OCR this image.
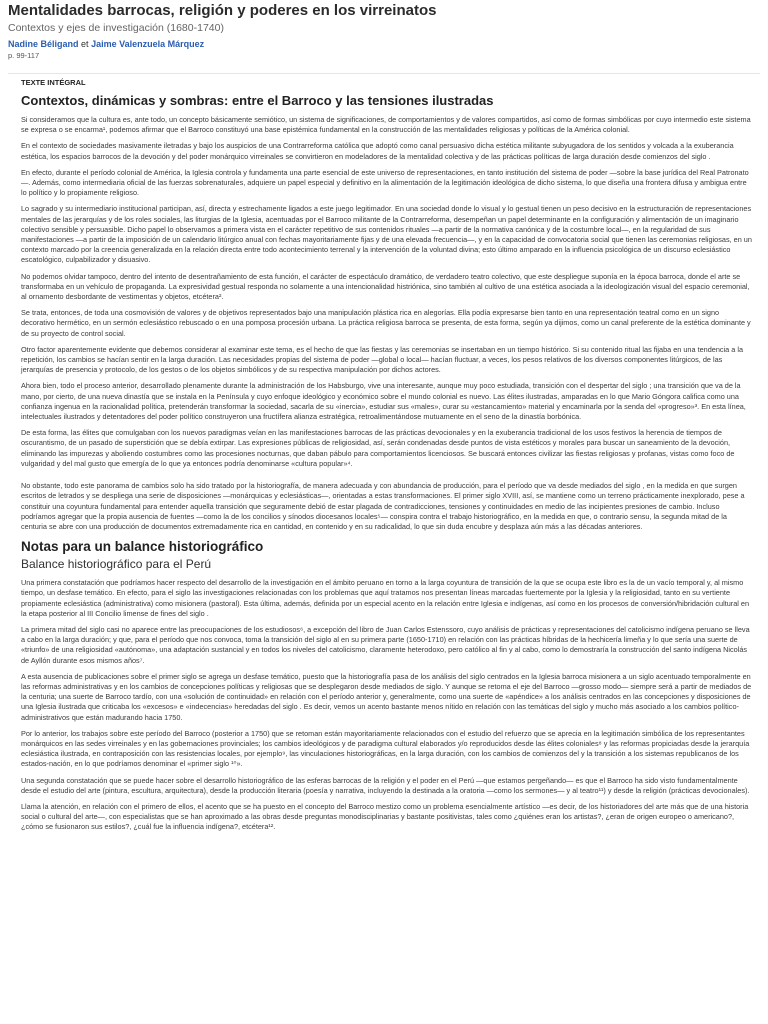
Mentalidades barrocas, religión y poderes en los virreinatos
Contextos y ejes de investigación (1680-1740)
Nadine Béligand et Jaime Valenzuela Márquez
p. 99-117
TEXTE INTÉGRAL
Contextos, dinámicas y sombras: entre el Barroco y las tensiones ilustradas

Si consideramos que la cultura es, ante todo, un concepto básicamente semiótico, un sistema de significaciones, de comportamientos y de valores compartidos, así como de formas simbólicas por cuyo intermedio este sistema se expresa o se encarma¹, podemos afirmar que el Barroco constituyó una base epistémica fundamental en la construcción de las mentalidades religiosas y políticas de la América colonial.

En el contexto de sociedades masivamente iletradas y bajo los auspicios de una Contrarreforma católica que adoptó como canal persuasivo dicha estética militante subyugadora de los sentidos y volcada a la exuberancia estética, los espacios barrocos de la devoción y del poder monárquico virreinales se convirtieron en modeladores de la mentalidad colectiva y de las prácticas políticas de larga duración desde comienzos del siglo .

En efecto, durante el período colonial de América, la Iglesia controla y fundamenta una parte esencial de este universo de representaciones, en tanto institución del sistema de poder —sobre la base jurídica del Real Patronato—. Además, como intermediaria oficial de las fuerzas sobrenaturales, adquiere un papel especial y definitivo en la alimentación de la legitimación ideológica de dicho sistema, lo que diseña una frontera difusa y ambigua entre lo político y lo propiamente religioso.

Lo sagrado y su intermediario institucional participan, así, directa y estrechamente ligados a este juego legitimador. En una sociedad donde lo visual y lo gestual tienen un peso decisivo en la estructuración de representaciones mentales de las jerarquías y de los roles sociales, las liturgias de la Iglesia, acentuadas por el Barroco militante de la Contrarreforma, desempeñan un papel determinante en la configuración y alimentación de un imaginario colectivo sensible y persuasible. Dicho papel lo observamos a primera vista en el carácter repetitivo de sus contenidos rituales —a partir de la normativa canónica y de la costumbre local—, en la regularidad de sus manifestaciones —a partir de la imposición de un calendario litúrgico anual con fechas mayoritariamente fijas y de una elevada frecuencia—, y en la capacidad de convocatoria social que tienen las ceremonias religiosas, en un contexto marcado por la creencia generalizada en la relación directa entre todo acontecimiento terrenal y la intervención de la voluntad divina; esto último amparado en la influencia psicológica de un discurso eclesiástico escatológico, culpabilizador y disuasivo.

No podemos olvidar tampoco, dentro del intento de desentrañamiento de esta función, el carácter de espectáculo dramático, de verdadero teatro colectivo, que este despliegue suponía en la época barroca, donde el arte se transformaba en un vehículo de propaganda. La expresividad gestual responda no solamente a una intencionalidad histriónica, sino también al cultivo de una estética asociada a la ideologización visual del espacio ceremonial, al ornamento desbordante de vestimentas y objetos, etcétera².

Se trata, entonces, de toda una cosmovisión de valores y de objetivos representados bajo una manipulación plástica rica en alegorías. Ella podía expresarse bien tanto en una representación teatral como en un signo decorativo hermético, en un sermón eclesiástico rebuscado o en una pomposa procesión urbana. La práctica religiosa barroca se presenta, de esta forma, según ya dijimos, como un canal preferente de la estética dominante y de su proyecto de control social.

Otro factor aparentemente evidente que debemos considerar al examinar este tema, es el hecho de que las fiestas y las ceremonias se insertaban en un tiempo histórico. Si su contenido ritual las fijaba en una tendencia a la repetición, los cambios se hacían sentir en la larga duración. Las necesidades propias del sistema de poder —global o local— hacían fluctuar, a veces, los pesos relativos de los diversos componentes litúrgicos, de las jerarquías de presencia y protocolo, de los gestos o de los objetos simbólicos y de su respectiva manipulación por dichos actores.

Ahora bien, todo el proceso anterior, desarrollado plenamente durante la administración de los Habsburgo, vive una interesante, aunque muy poco estudiada, transición con el despertar del siglo ; una transición que va de la mano, por cierto, de una nueva dinastía que se instala en la Península y cuyo enfoque ideológico y económico sobre el mundo colonial es nuevo. Las élites ilustradas, amparadas en lo que Mario Góngora califica como una confianza ingenua en la racionalidad política, pretenderán transformar la sociedad, sacarla de su «inercia», estudiar sus «males», curar su «estancamiento» material y encaminarla por la senda del «progreso»³. En esta línea, intelectuales ilustrados y detentadores del poder político construyeron una fructífera alianza estratégica, retroalimentándose mutuamente en el seno de la dinastía borbónica.

De esta forma, las élites que comulgaban con los nuevos paradigmas veían en las manifestaciones barrocas de las prácticas devocionales y en la exuberancia tradicional de los usos festivos la herencia de tiempos de oscurantismo, de un pasado de superstición que se debía extirpar. Las expresiones públicas de religiosidad, así, serán condenadas desde puntos de vista estéticos y morales para buscar un saneamiento de la devoción, eliminando las impurezas y aboliendo costumbres como las procesiones nocturnas, que daban pábulo para comportamientos licenciosos. Se buscará entonces civilizar las fiestas religiosas y profanas, vistas como foco de vulgaridad y del mal gusto que emergía de lo que ya entonces podría denominarse «cultura popular»⁴.

No obstante, todo este panorama de cambios solo ha sido tratado por la historiografía, de manera adecuada y con abundancia de producción, para el período que va desde mediados del siglo , en la medida en que surgen escritos de letrados y se despliega una serie de disposiciones —monárquicas y eclesiásticas—, orientadas a estas transformaciones. El primer siglo XVIII, así, se mantiene como un terreno prácticamente inexplorado, pese a constituir una coyuntura fundamental para entender aquella transición que seguramente debió de estar plagada de contradicciones, tensiones y continuidades en medio de las incipientes presiones de cambio. Incluso podríamos agregar que la propia ausencia de fuentes —como la de los concilios y sínodos diocesanos locales⁵— conspira contra el trabajo historiográfico, en la medida en que, o contrario sensu, la segunda mitad de la centuria se abre con una producción de documentos extremadamente rica en cantidad, en contenido y en su radicalidad, lo que sin duda encubre y desplaza aún más a las décadas anteriores.

Notas para un balance historiográfico
Balance historiográfico para el Perú

Una primera constatación que podríamos hacer respecto del desarrollo de la investigación en el ámbito peruano en torno a la larga coyuntura de transición de la que se ocupa este libro es la de un vacío temporal y, al mismo tiempo, un desfase temático. En efecto, para el siglo las investigaciones relacionadas con los problemas que aquí tratamos nos presentan líneas marcadas fuertemente por la Iglesia y la religiosidad, tanto en su vertiente propiamente eclesiástica (administrativa) como misionera (pastoral). Esta última, además, definida por un especial acento en la relación entre Iglesia e indígenas, así como en los procesos de conversión/hibridación cultural en la etapa posterior al III Concilio limense de fines del siglo .

La primera mitad del siglo casi no aparece entre las preocupaciones de los estudiosos⁶, a excepción del libro de Juan Carlos Estenssoro, cuyo análisis de prácticas y representaciones del catolicismo indígena peruano se lleva a cabo en la larga duración; y que, para el período que nos convoca, toma la transición del siglo al en su primera parte (1650-1710) en relación con las prácticas híbridas de la hechicería limeña y lo que sería una suerte de «triunfo» de una religiosidad «autónoma», una adaptación sustancial y en todos los niveles del catolicismo, claramente heterodoxo, pero católico al fin y al cabo, como lo demostraría la construcción del santo indígena Nicolás de Ayllón durante esos mismos años⁷.

A esta ausencia de publicaciones sobre el primer siglo se agrega un desfase temático, puesto que la historiografía pasa de los análisis del siglo centrados en la Iglesia barroca misionera a un siglo acentuado temporalmente en las reformas administrativas y en los cambios de concepciones políticas y religiosas que se desplegaron desde mediados de siglo. Y aunque se retoma el eje del Barroco —grosso modo— siempre será a partir de mediados de la centuria; una suerte de Barroco tardío, con una «solución de continuidad» en relación con el período anterior y, generalmente, como una suerte de «apéndice» a los análisis centrados en las concepciones y disposiciones de una Iglesia ilustrada que criticaba los «excesos» e «indecencias» heredadas del siglo . Es decir, vemos un acento bastante menos nítido en relación con las temáticas del siglo y mucho más asociado a los cambios político-administrativos que están madurando hacia 1750.

Por lo anterior, los trabajos sobre este período del Barroco (posterior a 1750) que se retoman están mayoritariamente relacionados con el estudio del refuerzo que se aprecia en la legitimación simbólica de los representantes monárquicos en las sedes virreinales y en las gobernaciones provinciales; los cambios ideológicos y de paradigma cultural elaborados y/o reproducidos desde las élites coloniales⁸ y las reformas propiciadas desde la jerarquía eclesiástica ilustrada, en contraposición con las resistencias locales, por ejemplo⁹, las vinculaciones historiográficas, en la larga duración, con los cambios de comienzos del y la transición a los sistemas republicanos de los estados-nación, en lo que podríamos denominar el «primer siglo ¹⁰».

Una segunda constatación que se puede hacer sobre el desarrollo historiográfico de las esferas barrocas de la religión y el poder en el Perú —que estamos pergeñando— es que el Barroco ha sido visto fundamentalmente desde el estudio del arte (pintura, escultura, arquitectura), desde la producción literaria (poesía y narrativa, incluyendo la destinada a la oratoria —como los sermones— y al teatro¹¹) y desde la religión (prácticas devocionales).

Llama la atención, en relación con el primero de ellos, el acento que se ha puesto en el concepto del Barroco mestizo como un problema esencialmente artístico —es decir, de los historiadores del arte más que de una historia social o cultural del arte—, con especialistas que se han aproximado a las obras desde preguntas monodisciplinarias y bastante positivistas, tales como ¿quiénes eran los artistas?, ¿eran de origen europeo o americano?, ¿cómo se fusionaron sus estilos?, ¿cuál fue la influencia indígena?, etcétera¹².
